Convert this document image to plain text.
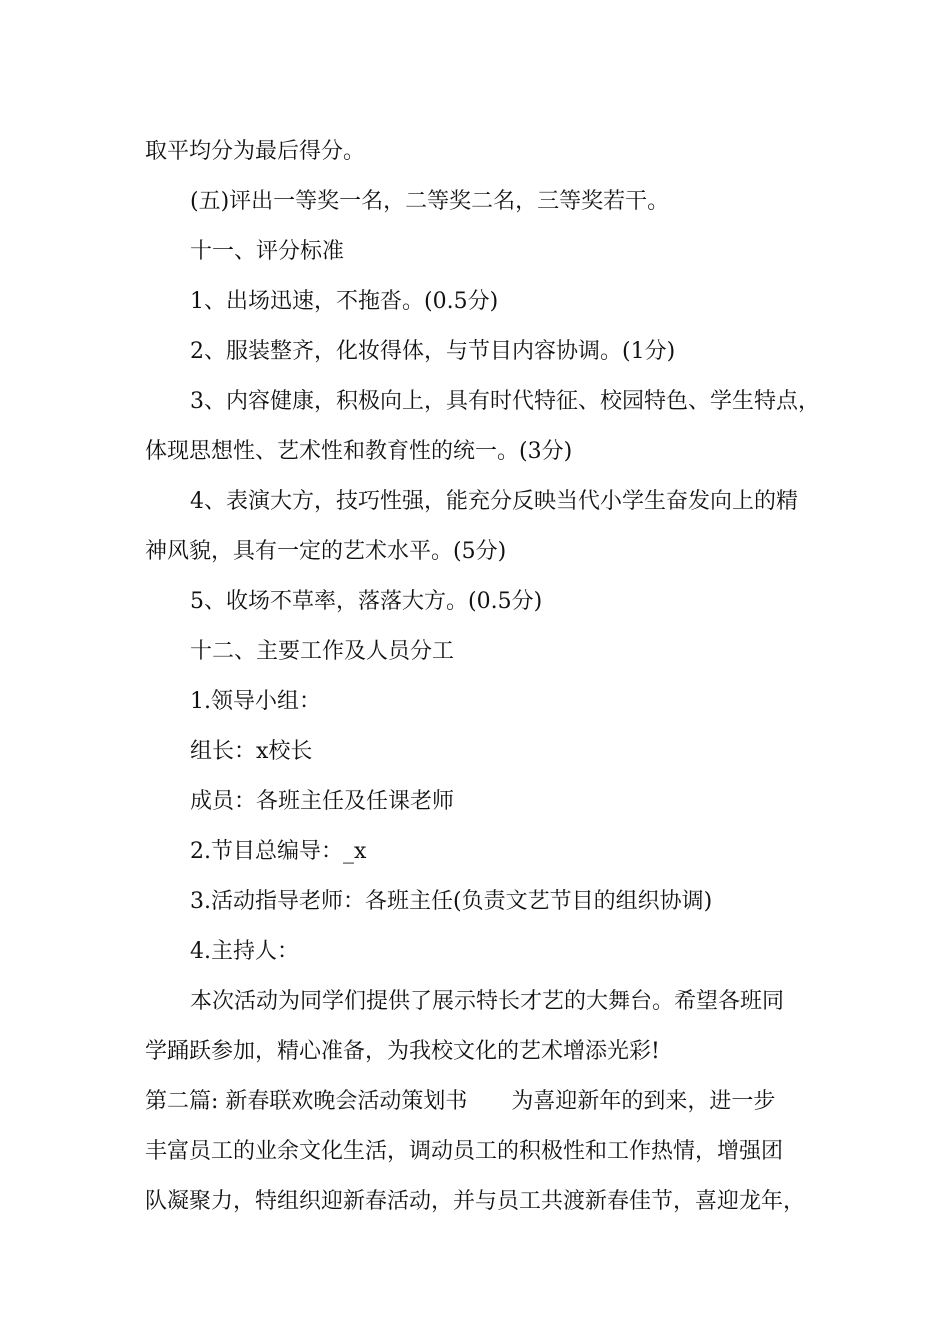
取平均分为最后得分。
(五)评出一等奖一名，二等奖二名，三等奖若干。
十一、评分标准
1、出场迅速，不拖沓。(0.5分)
2、服装整齐，化妆得体，与节目内容协调。(1分)
3、内容健康，积极向上，具有时代特征、校园特色、学生特点，
体现思想性、艺术性和教育性的统一。(3分)
4、表演大方，技巧性强，能充分反映当代小学生奋发向上的精
神风貌，具有一定的艺术水平。(5分)
5、收场不草率，落落大方。(0.5分)
十二、主要工作及人员分工
1.领导小组：
组长：x校长
成员：各班主任及任课老师
2.节目总编导：_x
3.活动指导老师：各班主任(负责文艺节目的组织协调)
4.主持人：
本次活动为同学们提供了展示特长才艺的大舞台。希望各班同
学踊跃参加，精心准备，为我校文化的艺术增添光彩!
第二篇: 新春联欢晚会活动策划书　　为喜迎新年的到来，进一步
丰富员工的业余文化生活，调动员工的积极性和工作热情，增强团
队凝聚力，特组织迎新春活动，并与员工共渡新春佳节，喜迎龙年，
